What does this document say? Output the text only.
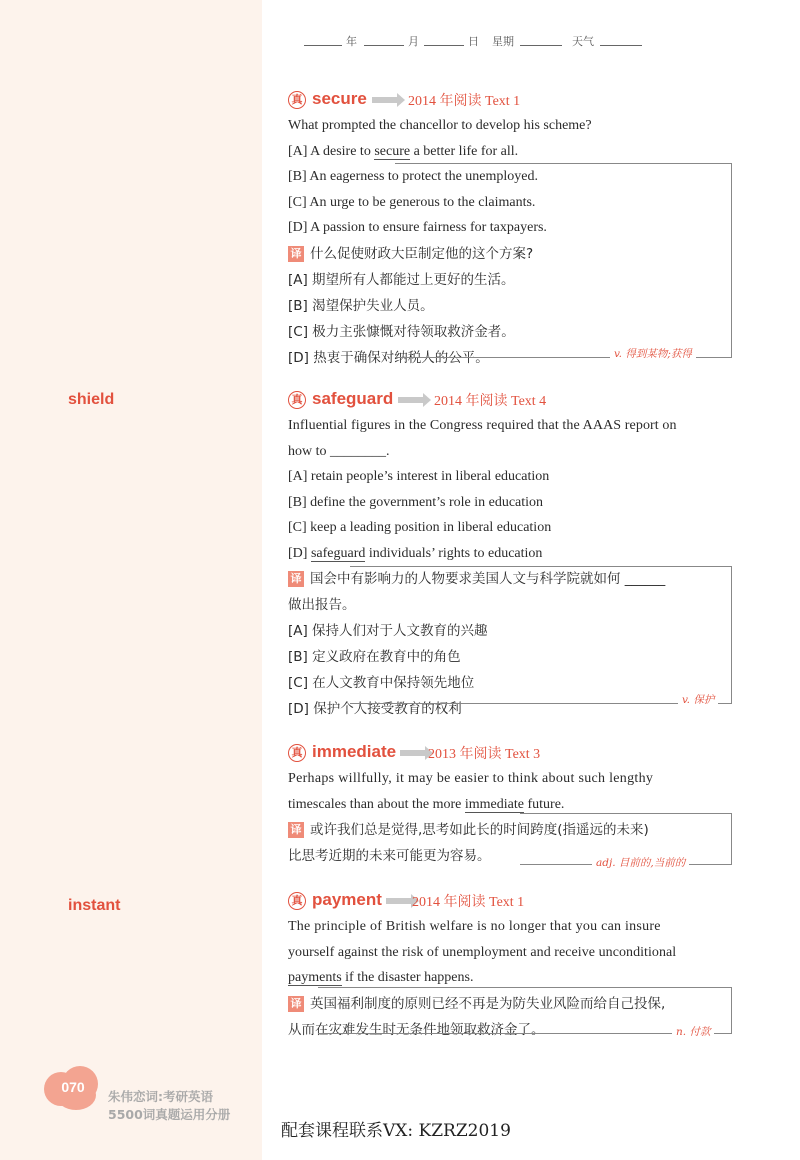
年	月	日 星期	天气
shield
instant
真 secure	2014 年阅读 Text 1
What prompted the chancellor to develop his scheme?
[A] A desire to secure a better life for all.
[B] An eagerness to protect the unemployed.
[C] An urge to be generous to the claimants.
[D] A passion to ensure fairness for taxpayers.
译 什么促使财政大臣制定他的这个方案?
[A] 期望所有人都能过上更好的生活。
[B] 渴望保护失业人员。
[C] 极力主张慷慨对待领取救济金者。
[D] 热衷于确保对纳税人的公平。	v. 得到某物;获得
真 safeguard	2014 年阅读 Text 4
Influential figures in the Congress required that the AAAS report on
how to ________.
[A] retain people’s interest in liberal education
[B] define the government’s role in education
[C] keep a leading position in liberal education
[D] safeguard individuals’ rights to education
译 国会中有影响力的人物要求美国人文与科学院就如何 ______
做出报告。
[A] 保持人们对于人文教育的兴趣
[B] 定义政府在教育中的角色
[C] 在人文教育中保持领先地位
[D] 保护个人接受教育的权利
v. 保护
真 immediate 2013 年阅读 Text 3
Perhaps willfully, it may be easier to think about such lengthy
timescales than about the more immediate future.
译 或许我们总是觉得,思考如此长的时间跨度(指遥远的未来)
比思考近期的未来可能更为容易。	adj. 目前的,当前的
真 payment 2014 年阅读 Text 1
The principle of British welfare is no longer that you can insure
yourself against the risk of unemployment and receive unconditional
payments if the disaster happens.
译 英国福利制度的原则已经不再是为防失业风险而给自己投保,
从而在灾难发生时无条件地领取救济金了。	n. 付款
070
朱伟恋词:考研英语
5500词真题运用分册
配套课程联系VX: KZRZ2019
